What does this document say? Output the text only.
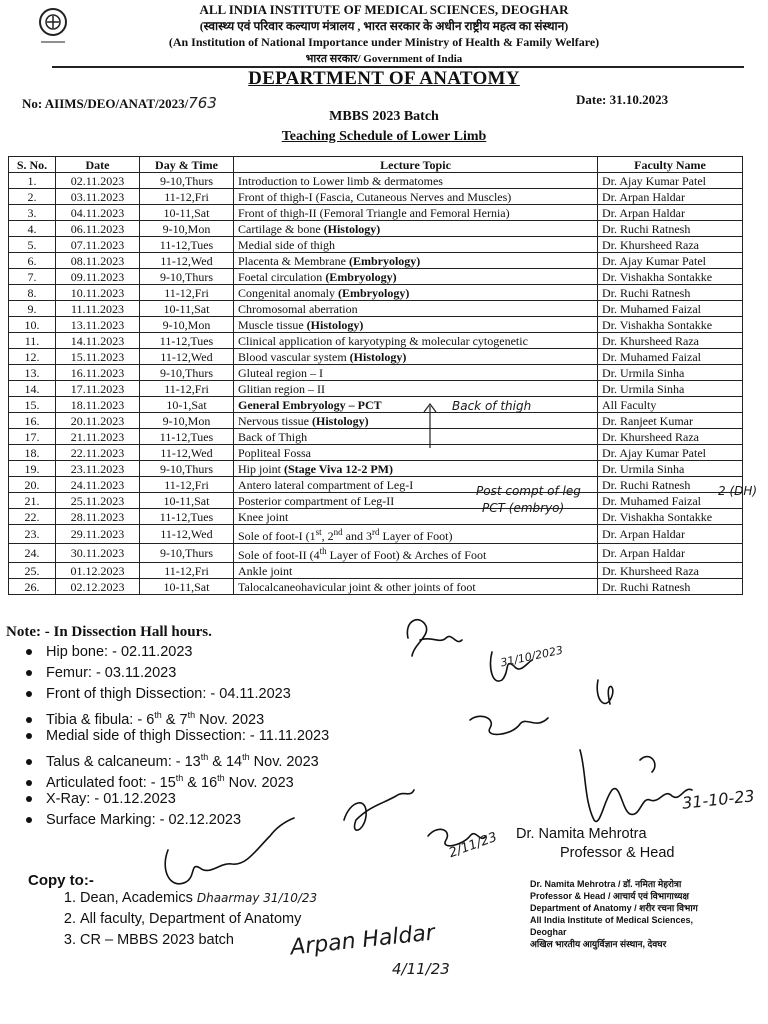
ALL INDIA INSTITUTE OF MEDICAL SCIENCES, DEOGHAR
(स्वास्थ्य एवं परिवार कल्याण मंत्रालय , भारत सरकार के अधीन राष्ट्रीय महत्व का संस्थान)
(An Institution of National Importance under Ministry of Health & Family Welfare)
भारत सरकार/ Government of India
DEPARTMENT OF ANATOMY
No: AIIMS/DEO/ANAT/2023/763	Date: 31.10.2023
MBBS 2023 Batch
Teaching Schedule of Lower Limb
S. No.	Date	Day & Time	Lecture Topic	Faculty Name
1.	02.11.2023	9-10,Thurs	Introduction to Lower limb & dermatomes	Dr. Ajay Kumar Patel
2.	03.11.2023	11-12,Fri	Front of thigh-I (Fascia, Cutaneous Nerves and Muscles)	Dr. Arpan Haldar
3.	04.11.2023	10-11,Sat	Front of thigh-II (Femoral Triangle and Femoral Hernia)	Dr. Arpan Haldar
4.	06.11.2023	9-10,Mon	Cartilage & bone (Histology)	Dr. Ruchi Ratnesh
5.	07.11.2023	11-12,Tues	Medial side of thigh	Dr. Khursheed Raza
6.	08.11.2023	11-12,Wed	Placenta & Membrane (Embryology)	Dr. Ajay Kumar Patel
7.	09.11.2023	9-10,Thurs	Foetal circulation (Embryology)	Dr. Vishakha Sontakke
8.	10.11.2023	11-12,Fri	Congenital anomaly (Embryology)	Dr. Ruchi Ratnesh
9.	11.11.2023	10-11,Sat	Chromosomal aberration	Dr. Muhamed Faizal
10.	13.11.2023	9-10,Mon	Muscle tissue (Histology)	Dr. Vishakha Sontakke
11.	14.11.2023	11-12,Tues	Clinical application of karyotyping & molecular cytogenetic	Dr. Khursheed Raza
12.	15.11.2023	11-12,Wed	Blood vascular system (Histology)	Dr. Muhamed Faizal
13.	16.11.2023	9-10,Thurs	Gluteal region – I	Dr. Urmila Sinha
14.	17.11.2023	11-12,Fri	Glitian region – II	Dr. Urmila Sinha
15.	18.11.2023	10-1,Sat	General Embryology – PCT	All Faculty
16.	20.11.2023	9-10,Mon	Nervous tissue (Histology)	Dr. Ranjeet Kumar
17.	21.11.2023	11-12,Tues	Back of Thigh	Dr. Khursheed Raza
18.	22.11.2023	11-12,Wed	Popliteal Fossa	Dr. Ajay Kumar Patel
19.	23.11.2023	9-10,Thurs	Hip joint (Stage Viva 12-2 PM)	Dr. Urmila Sinha
20.	24.11.2023	11-12,Fri	Antero lateral compartment of Leg-I	Dr. Ruchi Ratnesh
21.	25.11.2023	10-11,Sat	Posterior compartment of Leg-II	Dr. Muhamed Faizal
22.	28.11.2023	11-12,Tues	Knee joint	Dr. Vishakha Sontakke
23.	29.11.2023	11-12,Wed	Sole of foot-I (1st, 2nd and 3rd Layer of Foot)	Dr. Arpan Haldar
24.	30.11.2023	9-10,Thurs	Sole of foot-II (4th Layer of Foot) & Arches of Foot	Dr. Arpan Haldar
25.	01.12.2023	11-12,Fri	Ankle joint	Dr. Khursheed Raza
26.	02.12.2023	10-11,Sat	Talocalcaneohavicular joint & other joints of foot	Dr. Ruchi Ratnesh
Back of thigh
Post compt of leg	2 (DH)
PCT (embryo)
Note: - In Dissection Hall hours.
Hip bone: - 02.11.2023
Femur: - 03.11.2023
Front of thigh Dissection: - 04.11.2023
Tibia & fibula: - 6th & 7th Nov. 2023
Medial side of thigh Dissection: - 11.11.2023
Talus & calcaneum: - 13th & 14th Nov. 2023
Articulated foot: - 15th & 16th Nov. 2023
X-Ray: - 01.12.2023
Surface Marking: - 02.12.2023
31/10/2023
31-10-23
2/11/23 Dr. Namita Mehrotra
Professor & Head
Dr. Namita Mehrotra / डॉ. नमिता मेहरोत्रा
Professor & Head / आचार्य एवं विभागाध्यक्ष
Department of Anatomy / शरीर रचना विभाग
All India Institute of Medical Sciences, Deoghar
अखिल भारतीय आयुर्विज्ञान संस्थान, देवघर
Copy to:-
1. Dean, Academics Dhaarmay 31/10/23
2. All faculty, Department of Anatomy
3. CR – MBBS 2023 batch	Arpan Haldar
4/11/23
